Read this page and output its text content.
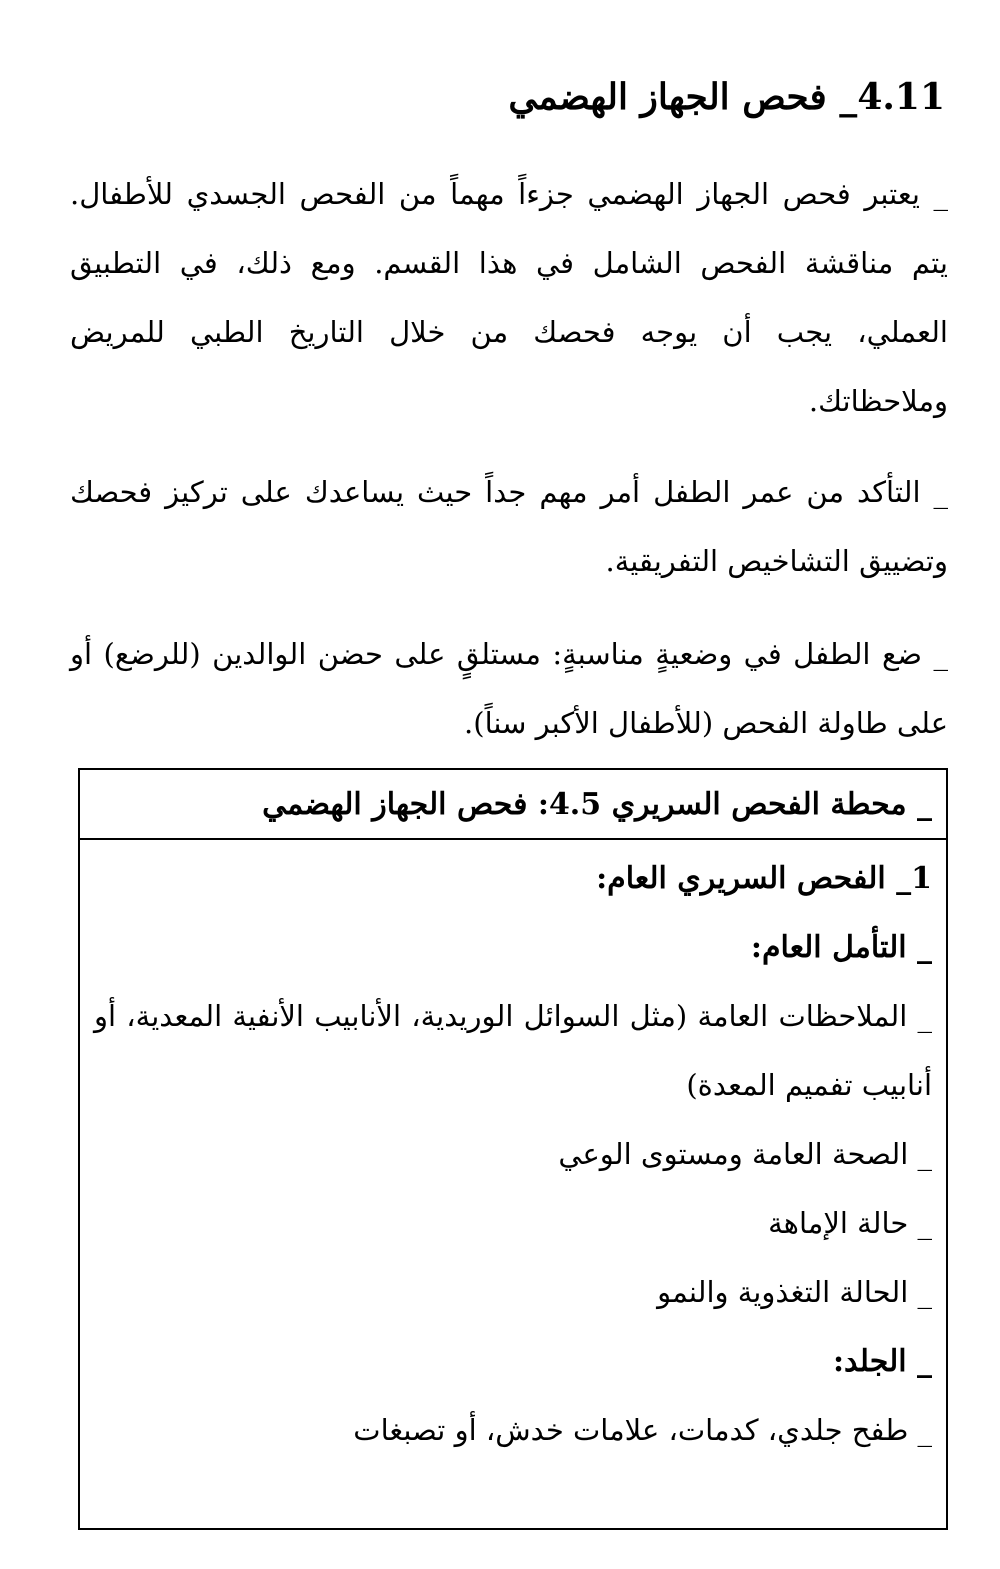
4.11_ فحص الجهاز الهضمي

_ يعتبر فحص الجهاز الهضمي جزءاً مهماً من الفحص الجسدي للأطفال. يتم مناقشة الفحص الشامل في هذا القسم. ومع ذلك، في التطبيق العملي، يجب أن يوجه فحصك من خلال التاريخ الطبي للمريض وملاحظاتك.

_ التأكد من عمر الطفل أمر مهم جداً حيث يساعدك على تركيز فحصك وتضييق التشاخيص التفريقية.

_ ضع الطفل في وضعيةٍ مناسبةٍ: مستلقٍ على حضن الوالدين (للرضع) أو على طاولة الفحص (للأطفال الأكبر سناً).

_ محطة الفحص السريري 4.5: فحص الجهاز الهضمي

1_ الفحص السريري العام:

_ التأمل العام:

_ الملاحظات العامة (مثل السوائل الوريدية، الأنابيب الأنفية المعدية، أو أنابيب تفميم المعدة)

_ الصحة العامة ومستوى الوعي

_ حالة الإماهة

_ الحالة التغذوية والنمو

_ الجلد:

_ طفح جلدي، كدمات، علامات خدش، أو تصبغات
